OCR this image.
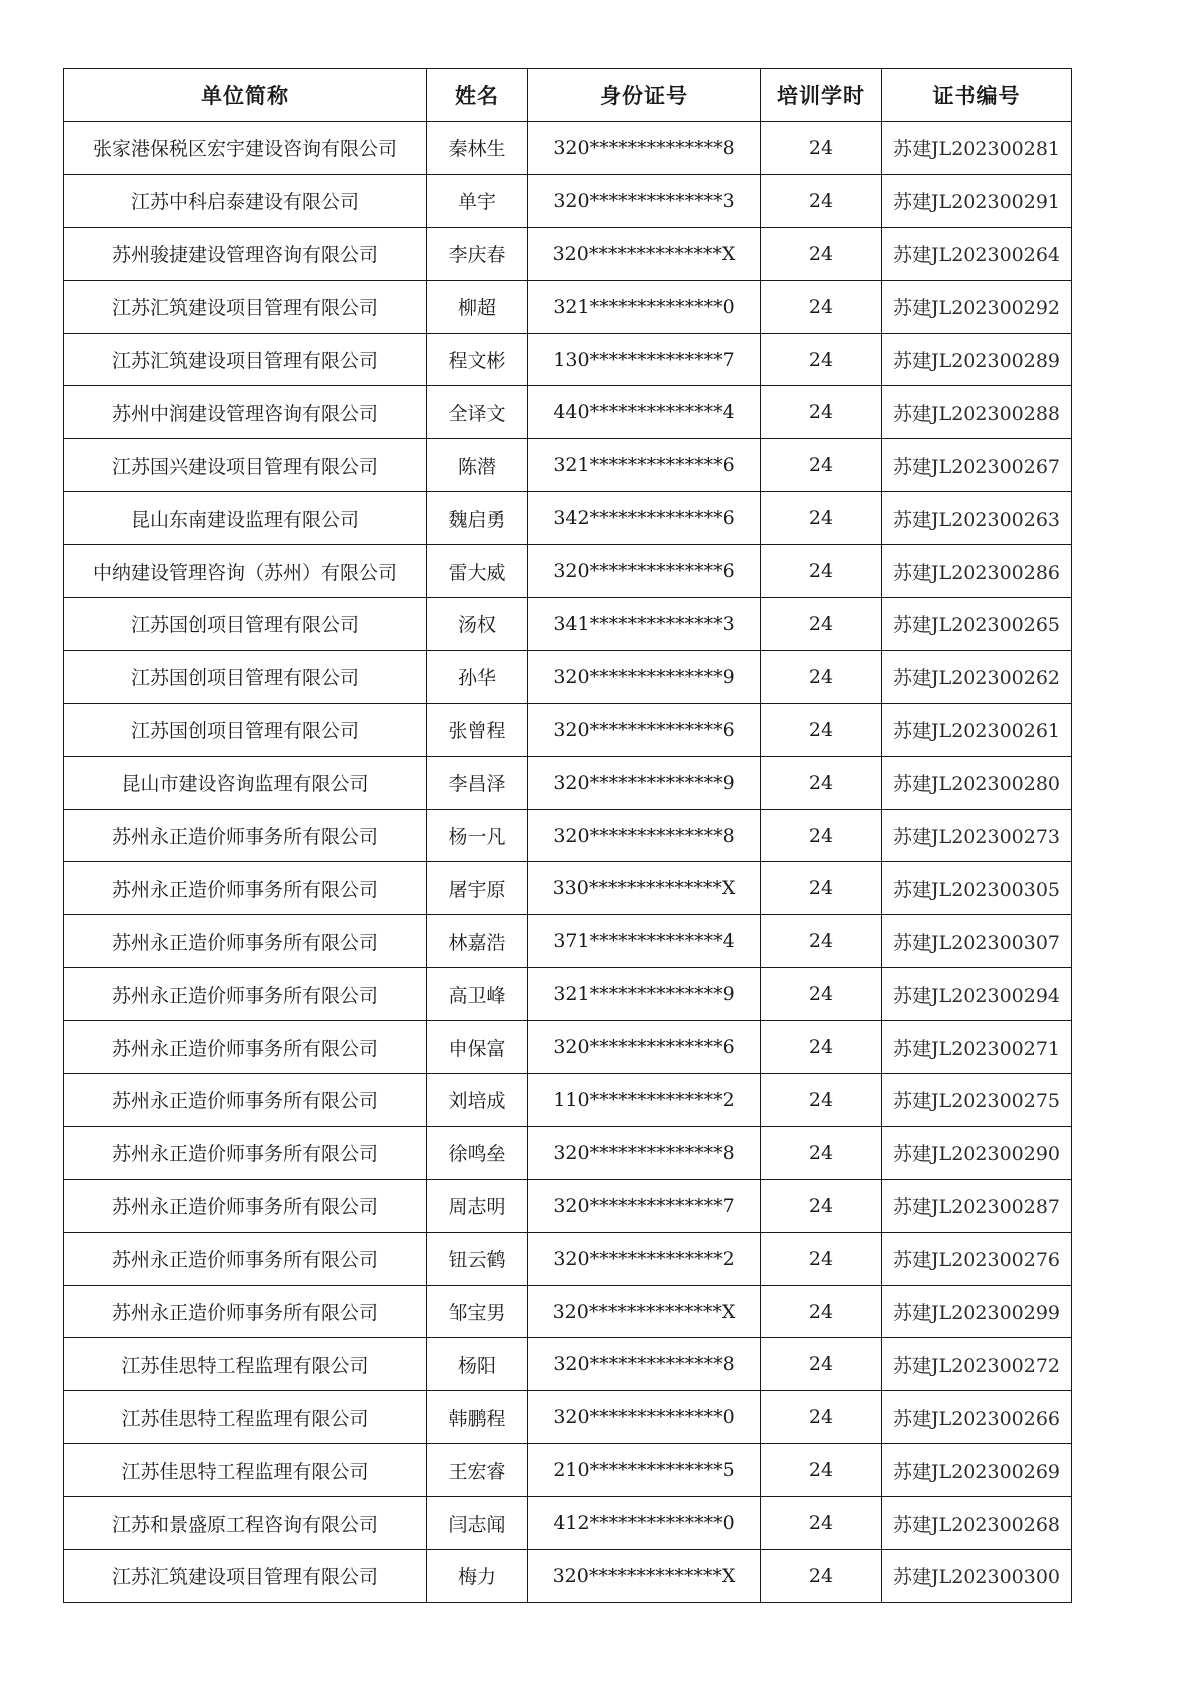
单位简称	姓名	身份证号	培训学时	证书编号
张家港保税区宏宇建设咨询有限公司	秦林生	320**************8	24	苏建JL202300281
江苏中科启泰建设有限公司	单宇	320**************3	24	苏建JL202300291
苏州骏捷建设管理咨询有限公司	李庆春	320**************X	24	苏建JL202300264
江苏汇筑建设项目管理有限公司	柳超	321**************0	24	苏建JL202300292
江苏汇筑建设项目管理有限公司	程文彬	130**************7	24	苏建JL202300289
苏州中润建设管理咨询有限公司	全译文	440**************4	24	苏建JL202300288
江苏国兴建设项目管理有限公司	陈潜	321**************6	24	苏建JL202300267
昆山东南建设监理有限公司	魏启勇	342**************6	24	苏建JL202300263
中纳建设管理咨询（苏州）有限公司	雷大威	320**************6	24	苏建JL202300286
江苏国创项目管理有限公司	汤权	341**************3	24	苏建JL202300265
江苏国创项目管理有限公司	孙华	320**************9	24	苏建JL202300262
江苏国创项目管理有限公司	张曾程	320**************6	24	苏建JL202300261
昆山市建设咨询监理有限公司	李昌泽	320**************9	24	苏建JL202300280
苏州永正造价师事务所有限公司	杨一凡	320**************8	24	苏建JL202300273
苏州永正造价师事务所有限公司	屠宇原	330**************X	24	苏建JL202300305
苏州永正造价师事务所有限公司	林嘉浩	371**************4	24	苏建JL202300307
苏州永正造价师事务所有限公司	高卫峰	321**************9	24	苏建JL202300294
苏州永正造价师事务所有限公司	申保富	320**************6	24	苏建JL202300271
苏州永正造价师事务所有限公司	刘培成	110**************2	24	苏建JL202300275
苏州永正造价师事务所有限公司	徐鸣垒	320**************8	24	苏建JL202300290
苏州永正造价师事务所有限公司	周志明	320**************7	24	苏建JL202300287
苏州永正造价师事务所有限公司	钮云鹤	320**************2	24	苏建JL202300276
苏州永正造价师事务所有限公司	邹宝男	320**************X	24	苏建JL202300299
江苏佳思特工程监理有限公司	杨阳	320**************8	24	苏建JL202300272
江苏佳思特工程监理有限公司	韩鹏程	320**************0	24	苏建JL202300266
江苏佳思特工程监理有限公司	王宏睿	210**************5	24	苏建JL202300269
江苏和景盛原工程咨询有限公司	闫志闻	412**************0	24	苏建JL202300268
江苏汇筑建设项目管理有限公司	梅力	320**************X	24	苏建JL202300300
